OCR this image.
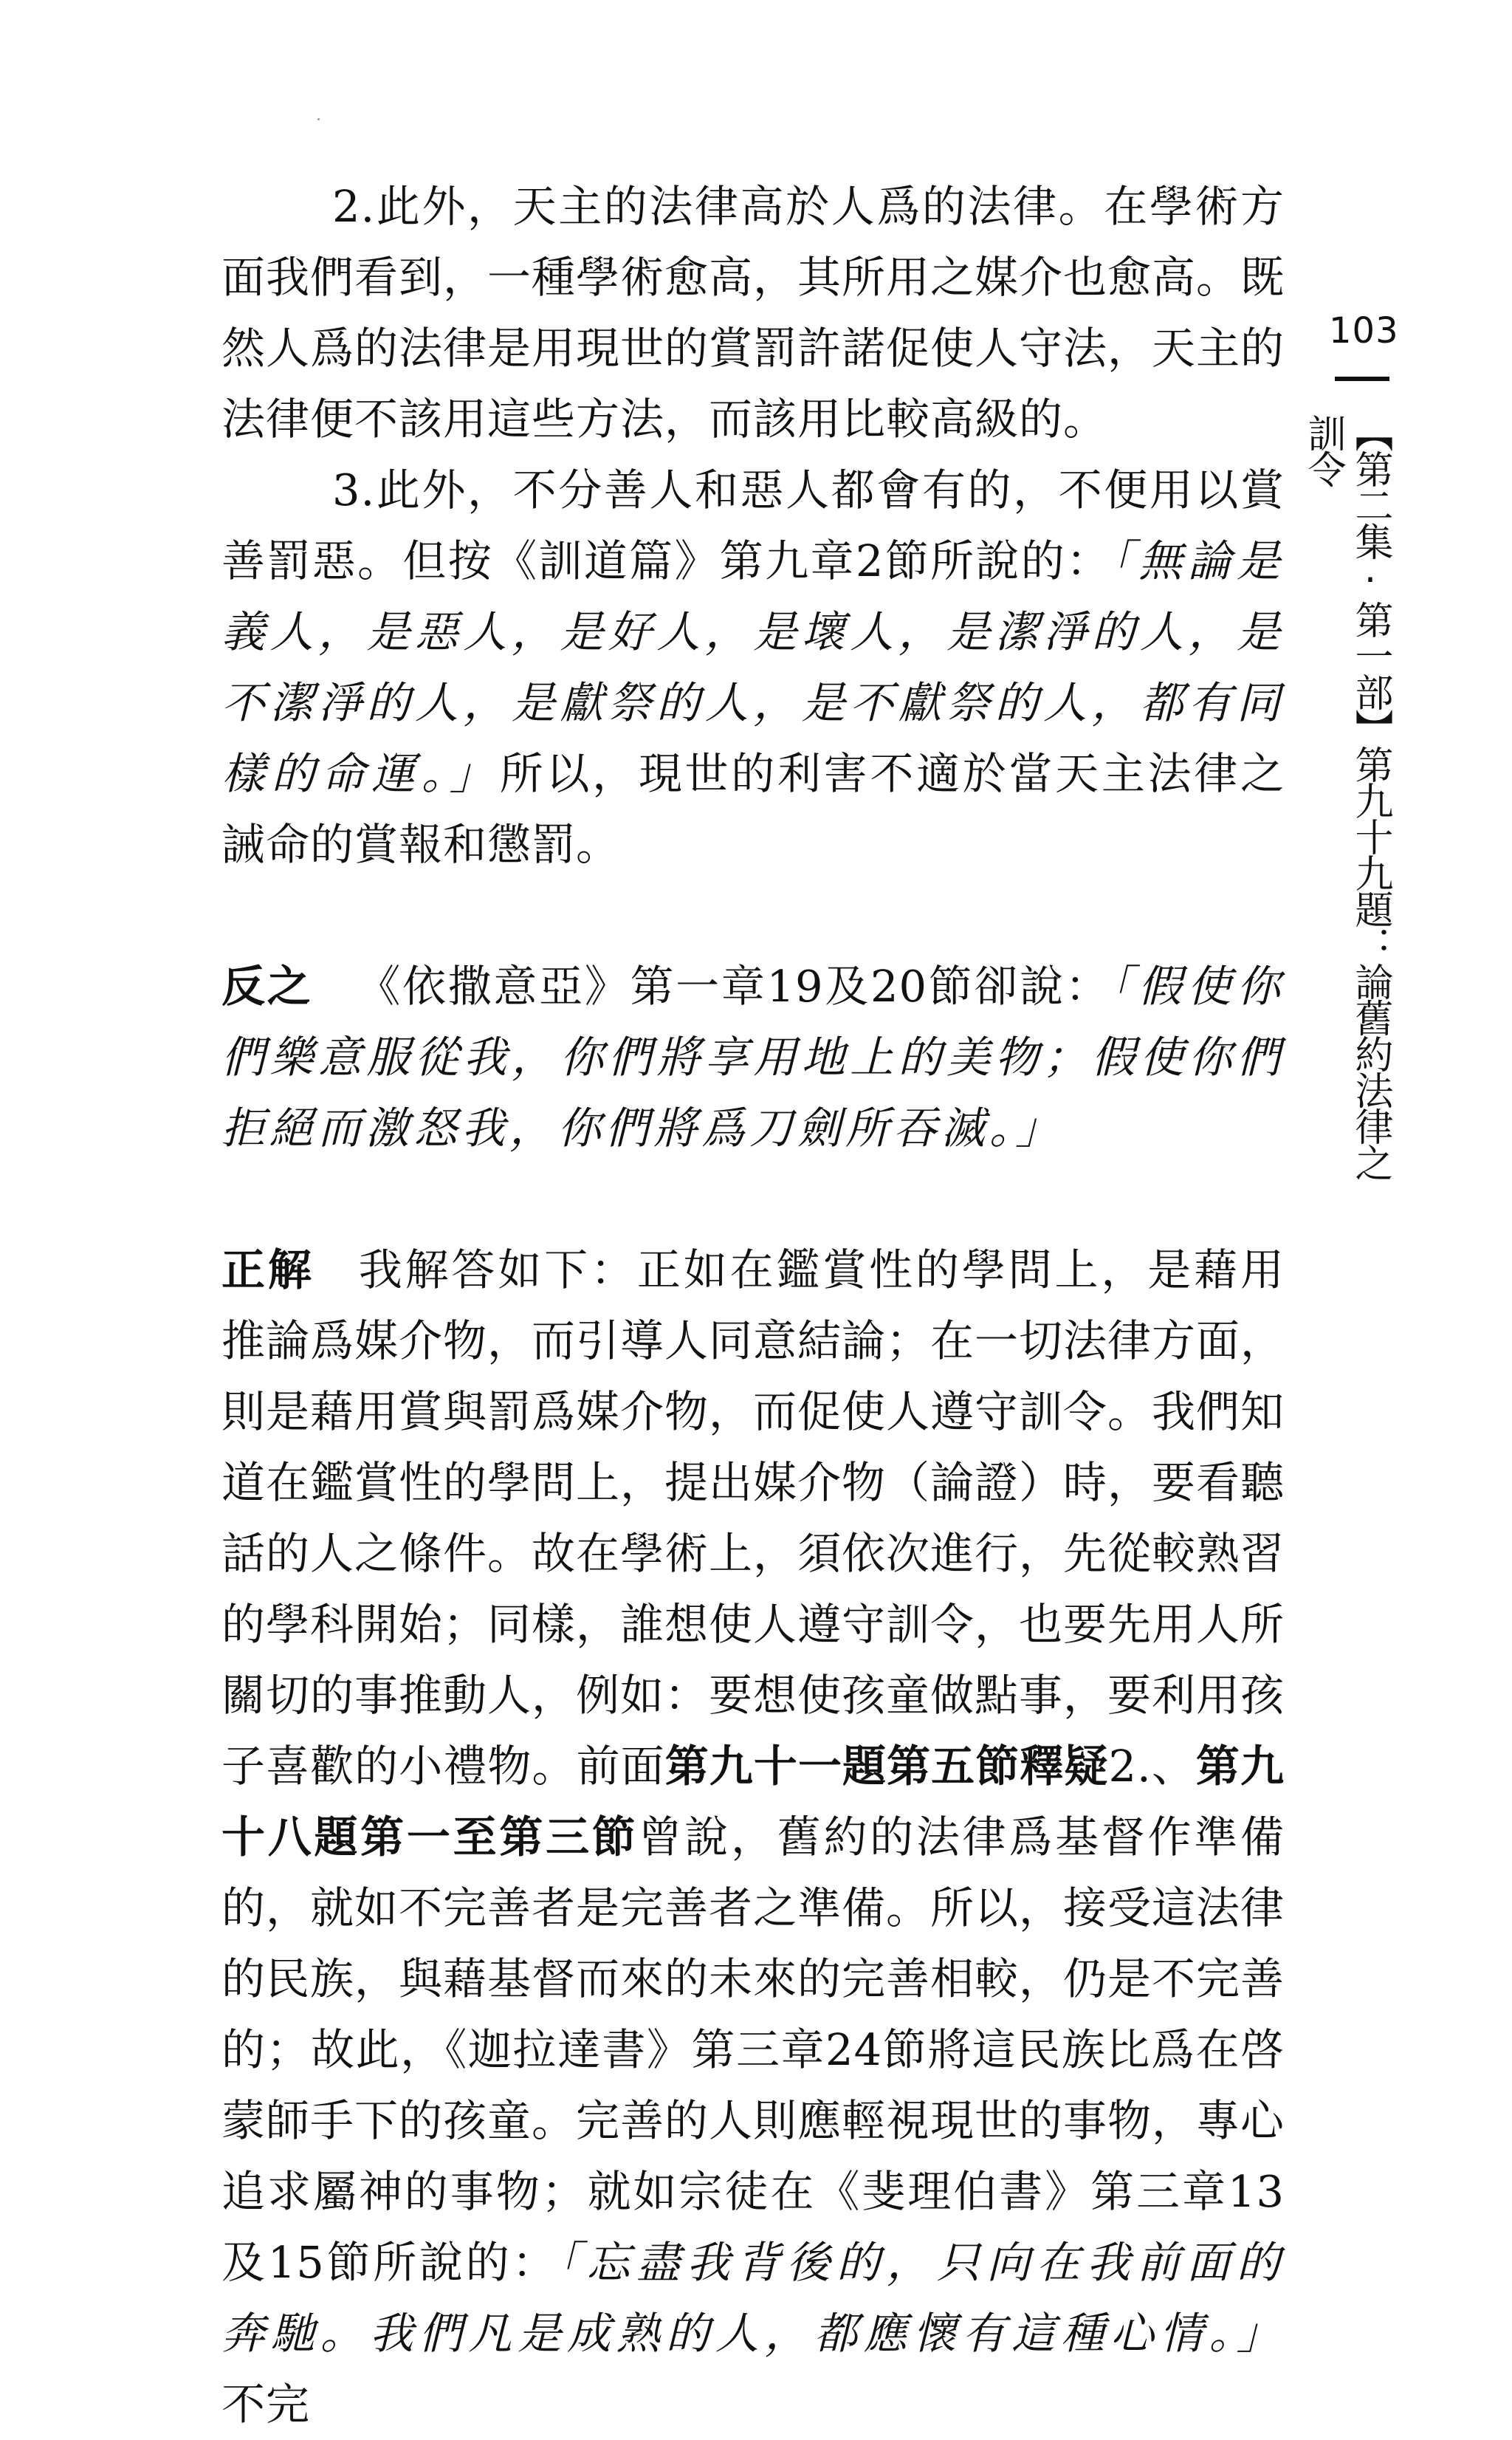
2.此外，天主的法律高於人爲的法律。在學術方面我們看到，一種學術愈高，其所用之媒介也愈高。既然人爲的法律是用現世的賞罰許諾促使人守法，天主的法律便不該用這些方法，而該用比較高級的。

3.此外，不分善人和惡人都會有的，不便用以賞善罰惡。但按《訓道篇》第九章2節所說的：「無論是義人，是惡人，是好人，是壞人，是潔淨的人，是不潔淨的人，是獻祭的人，是不獻祭的人，都有同樣的命運。」所以，現世的利害不適於當天主法律之誡命的賞報和懲罰。

反之 《依撒意亞》第一章19及20節卻說：「假使你們樂意服從我，你們將享用地上的美物；假使你們拒絕而激怒我，你們將爲刀劍所吞滅。」

正解 我解答如下：正如在鑑賞性的學問上，是藉用推論爲媒介物，而引導人同意結論；在一切法律方面，則是藉用賞與罰爲媒介物，而促使人遵守訓令。我們知道在鑑賞性的學問上，提出媒介物（論證）時，要看聽話的人之條件。故在學術上，須依次進行，先從較熟習的學科開始；同樣，誰想使人遵守訓令，也要先用人所關切的事推動人，例如：要想使孩童做點事，要利用孩子喜歡的小禮物。前面第九十一題第五節釋疑2.、第九十八題第一至第三節曾說，舊約的法律爲基督作準備的，就如不完善者是完善者之準備。所以，接受這法律的民族，與藉基督而來的未來的完善相較，仍是不完善的；故此，《迦拉達書》第三章24節將這民族比爲在啓蒙師手下的孩童。完善的人則應輕視現世的事物，專心追求屬神的事物；就如宗徒在《斐理伯書》第三章13及15節所說的：「忘盡我背後的，只向在我前面的奔馳。我們凡是成熟的人，都應懷有這種心情。」不完

103
【第二集·第一部】第九十九題：論舊約法律之訓令
